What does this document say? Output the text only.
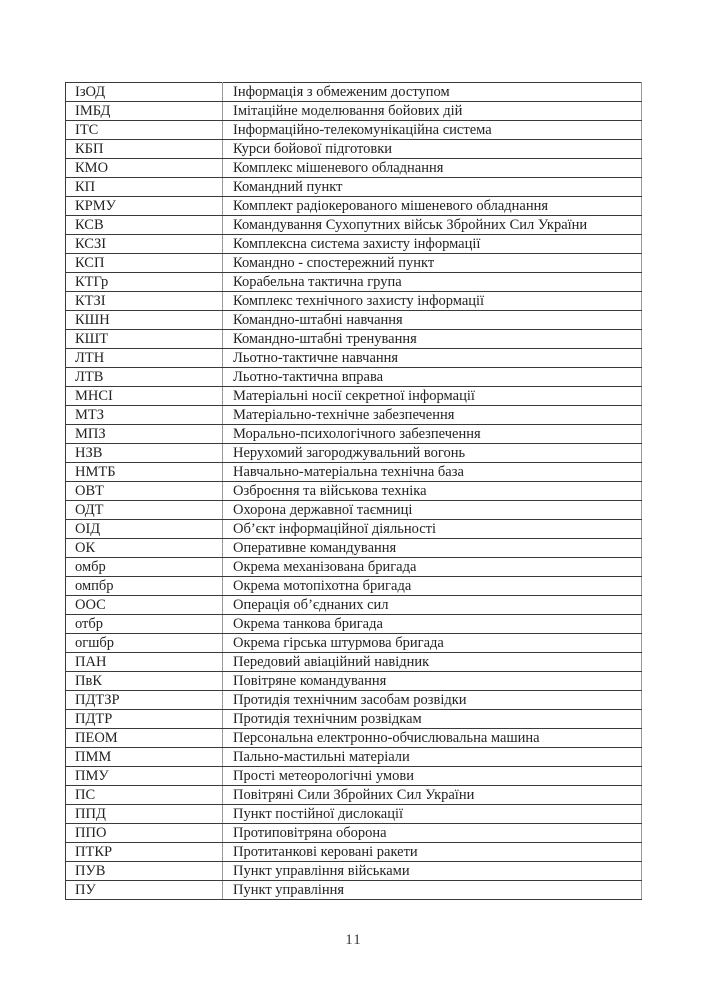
ІзОД	Інформація з обмеженим доступом
ІМБД	Імітаційне моделювання бойових дій
ІТС	Інформаційно-телекомунікаційна система
КБП	Курси бойової підготовки
КМО	Комплекс мішеневого обладнання
КП	Командний пункт
КРМУ	Комплект радіокерованого мішеневого обладнання
КСВ	Командування Сухопутних військ Збройних Сил України
КСЗІ	Комплексна система захисту інформації
КСП	Командно - спостережний пункт
КТГр	Корабельна тактична група
КТЗІ	Комплекс технічного захисту інформації
КШН	Командно-штабні навчання
КШТ	Командно-штабні тренування
ЛТН	Льотно-тактичне навчання
ЛТВ	Льотно-тактична вправа
МНСІ	Матеріальні носії секретної інформації
МТЗ	Матеріально-технічне забезпечення
МПЗ	Морально-психологічного забезпечення
НЗВ	Нерухомий загороджувальний вогонь
НМТБ	Навчально-матеріальна технічна база
ОВТ	Озброєння та військова техніка
ОДТ	Охорона державної таємниці
ОІД	Об’єкт інформаційної діяльності
ОК	Оперативне командування
омбр	Окрема механізована бригада
омпбр	Окрема мотопіхотна бригада
ООС	Операція об’єднаних сил
отбр	Окрема танкова бригада
огшбр	Окрема гірська штурмова бригада
ПАН	Передовий авіаційний навідник
ПвК	Повітряне командування
ПДТЗР	Протидія технічним засобам розвідки
ПДТР	Протидія технічним розвідкам
ПЕОМ	Персональна електронно-обчислювальна машина
ПММ	Пально-мастильні матеріали
ПМУ	Прості метеорологічні умови
ПС	Повітряні Сили Збройних Сил України
ППД	Пункт постійної дислокації
ППО	Протиповітряна оборона
ПТКР	Протитанкові керовані ракети
ПУВ	Пункт управління військами
ПУ	Пункт управління
11
